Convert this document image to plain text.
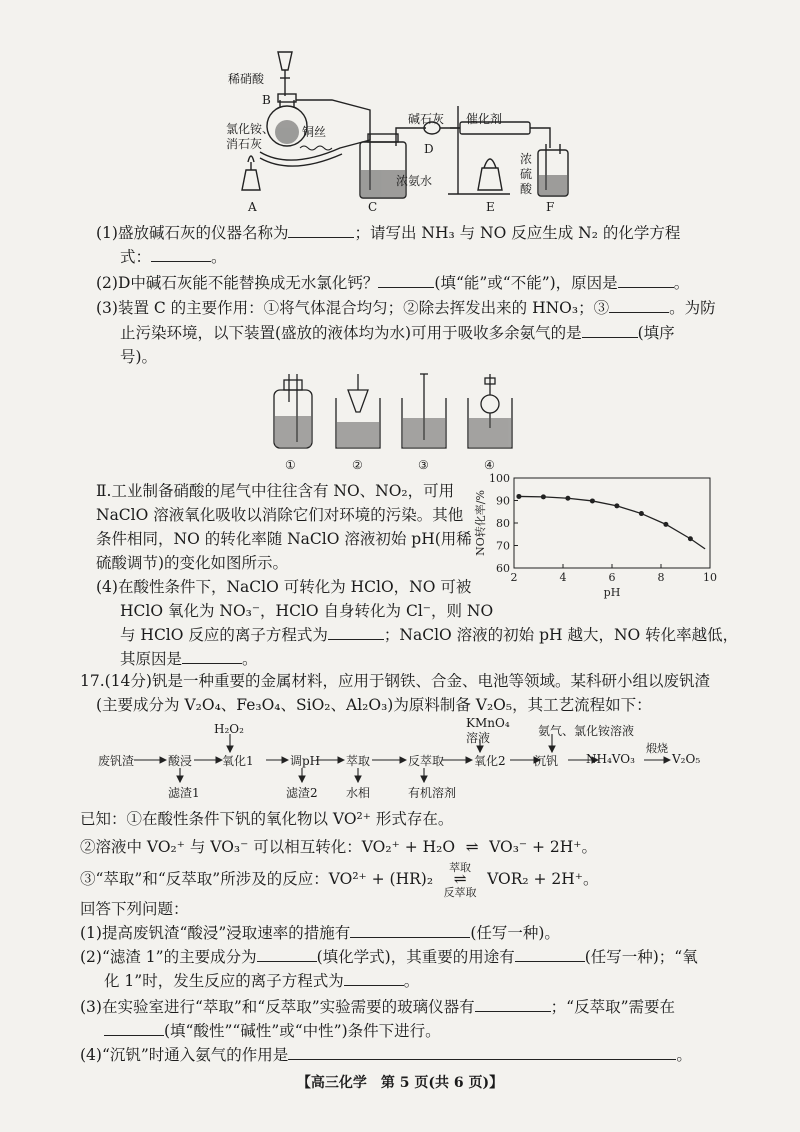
稀硝酸
B
氯化铵、
消石灰
铜丝
碱石灰 催化剂
D
浓氨水
浓
硫
酸
A	C	E	F
(1)盛放碱石灰的仪器名称为	；请写出 NH₃ 与 NO 反应生成 N₂ 的化学方程
式：	。
(2)D中碱石灰能不能替换成无水氯化钙？	(填“能”或“不能”)，原因是	。
(3)装置 C 的主要作用：①将气体混合均匀；②除去挥发出来的 HNO₃；③	。为防
止污染环境，以下装置(盛放的液体均为水)可用于吸收多余氨气的是	(填序
号)。
①	②	③	④
Ⅱ.工业制备硝酸的尾气中往往含有 NO、NO₂，可用
NaClO 溶液氧化吸收以消除它们对环境的污染。其他
条件相同，NO 的转化率随 NaClO 溶液初始 pH(用稀
硫酸调节)的变化如图所示。
(4)在酸性条件下，NaClO 可转化为 HClO，NO 可被
HClO 氧化为 NO₃⁻，HClO 自身转化为 Cl⁻，则 NO
与 HClO 反应的离子方程式为	；NaClO 溶液的初始 pH 越大，NO 转化率越低，
其原因是	。
2	4	6	8	10
60
70
80
90
100
pH
NO转化率/%
17.(14分)钒是一种重要的金属材料，应用于钢铁、合金、电池等领域。某科研小组以废钒渣
(主要成分为 V₂O₄、Fe₃O₄、SiO₂、Al₂O₃)为原料制备 V₂O₅，其工艺流程如下：
废钒渣	酸浸
H₂O₂
氧化1	调pH 萃取	反萃取
KMnO₄
溶液
氧化2
氨气、氯化铵溶液
沉钒 NH₄VO₃
煅烧
V₂O₅
滤渣1	滤渣2 水相	有机溶剂
已知：①在酸性条件下钒的氧化物以 VO²⁺ 形式存在。
②溶液中 VO₂⁺ 与 VO₃⁻ 可以相互转化：VO₂⁺ + H₂O ⇌ VO₃⁻ + 2H⁺。
③“萃取”和“反萃取”所涉及的反应：VO²⁺ + (HR)₂
萃取
⇌
反萃取
VOR₂ + 2H⁺。
回答下列问题：
(1)提高废钒渣“酸浸”浸取速率的措施有	(任写一种)。
(2)“滤渣 1”的主要成分为	(填化学式)，其重要的用途有	(任写一种)；“氧
化 1”时，发生反应的离子方程式为	。
(3)在实验室进行“萃取”和“反萃取”实验需要的玻璃仪器有	；“反萃取”需要在
(填“酸性”“碱性”或“中性”)条件下进行。
(4)“沉钒”时通入氨气的作用是	。
【高三化学　第 5 页(共 6 页)】
